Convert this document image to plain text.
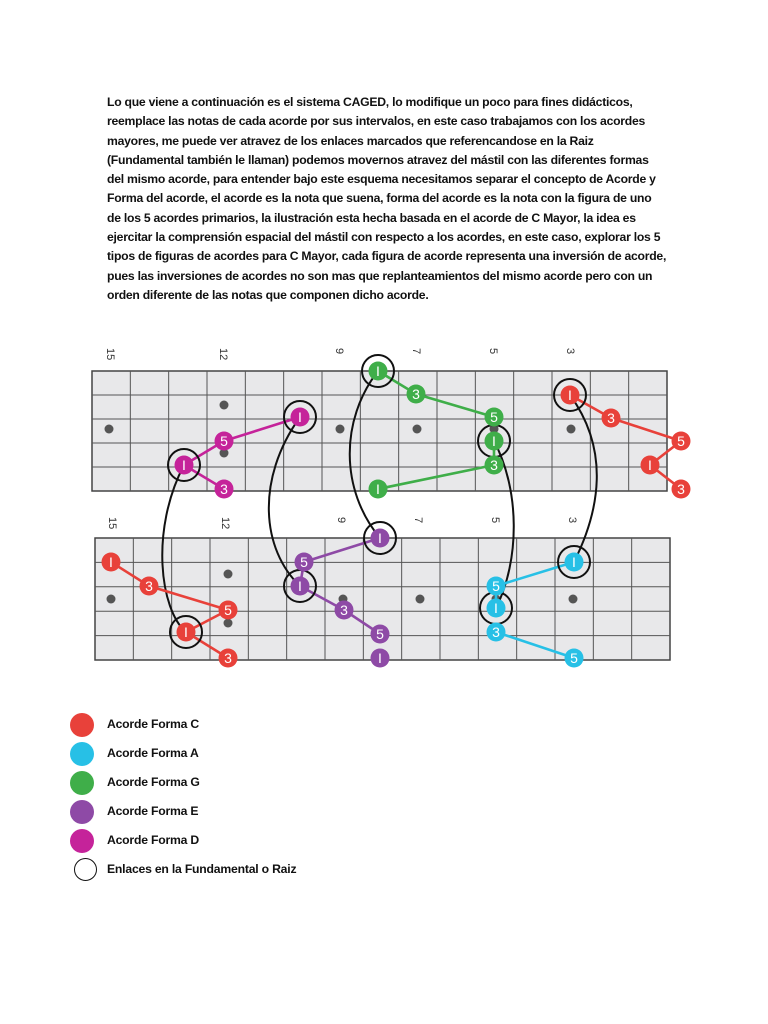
Lo que viene a continuación es el sistema CAGED, lo modifique un poco para fines didácticos, reemplace las notas de cada acorde por sus intervalos, en este caso trabajamos con los acordes mayores, me puede ver atravez de los enlaces marcados que referencandose en la Raiz (Fundamental también le llaman) podemos movernos atravez del mástil con las diferentes formas del mismo acorde, para entender bajo este esquema necesitamos separar el concepto de Acorde y Forma del acorde, el acorde es la nota que suena, forma del acorde es la nota con la figura de uno de los 5 acordes primarios, la ilustración esta hecha basada en el acorde de C Mayor, la idea es ejercitar la comprensión espacial del mástil con respecto a los acordes, en este caso, explorar los 5 tipos de figuras de acordes para C Mayor, cada figura de acorde representa una inversión de acorde, pues las inversiones de acordes no son mas que replanteamientos del mismo acorde pero con un orden diferente de las notas que componen dicho acorde.

15	12	9	7	5	3
15	12	9	7	5	3
I
3
5
I
3
I
3
5
I
3
I
I
5
I
3
I
3
5
I
3
I
5
I
3
5
I
I
5
I
3
5
Acorde Forma C
Acorde Forma A
Acorde Forma G
Acorde Forma E
Acorde Forma D
Enlaces en la Fundamental o Raiz
